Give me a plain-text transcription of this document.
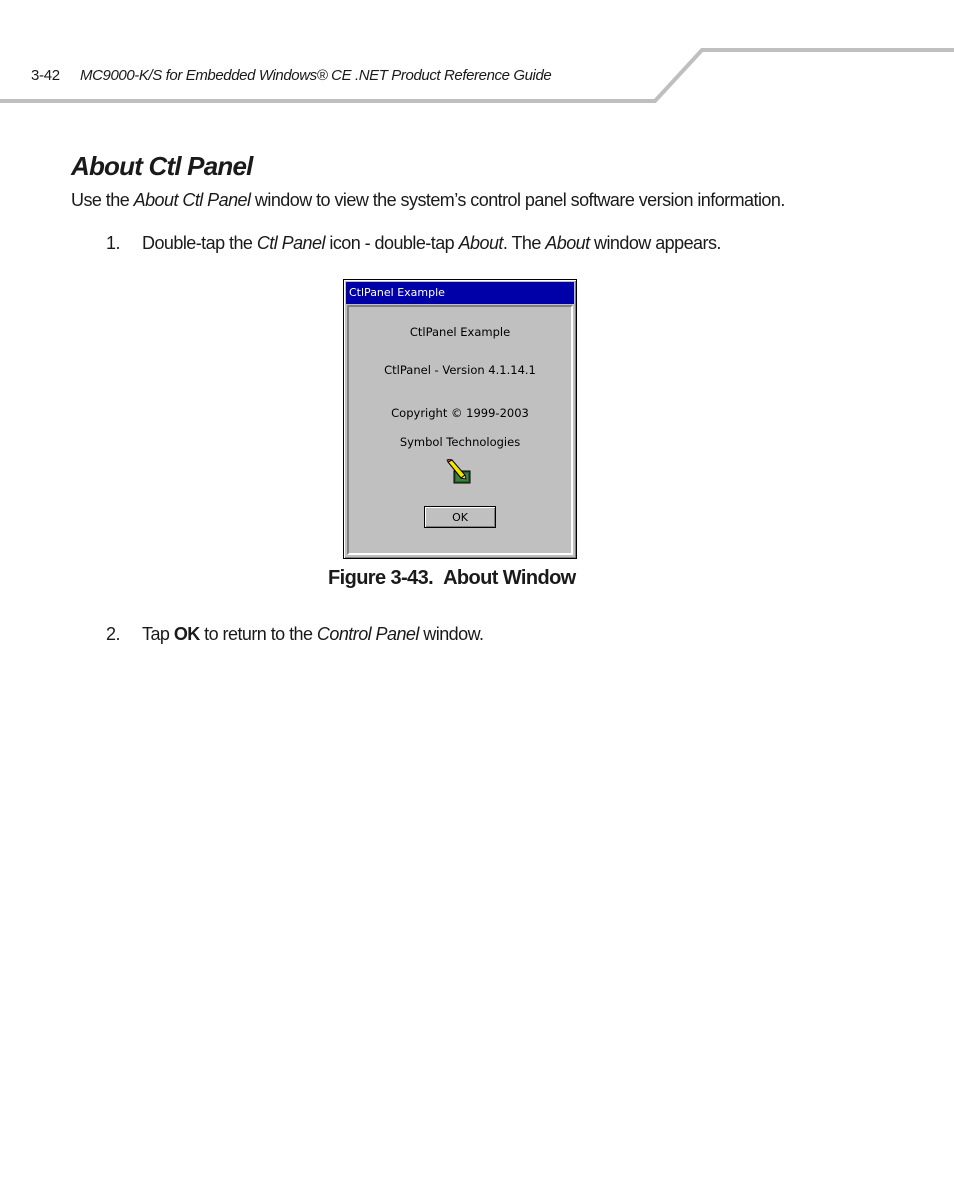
3-42 MC9000-K/S for Embedded Windows® CE .NET Product Reference Guide
About Ctl Panel
Use the About Ctl Panel window to view the system’s control panel software version information.
1. Double-tap the Ctl Panel icon - double-tap About. The About window appears.
CtlPanel Example
CtlPanel Example
CtlPanel - Version 4.1.14.1
Copyright © 1999-2003
Symbol Technologies
OK
Figure 3-43. About Window
2. Tap OK to return to the Control Panel window.
